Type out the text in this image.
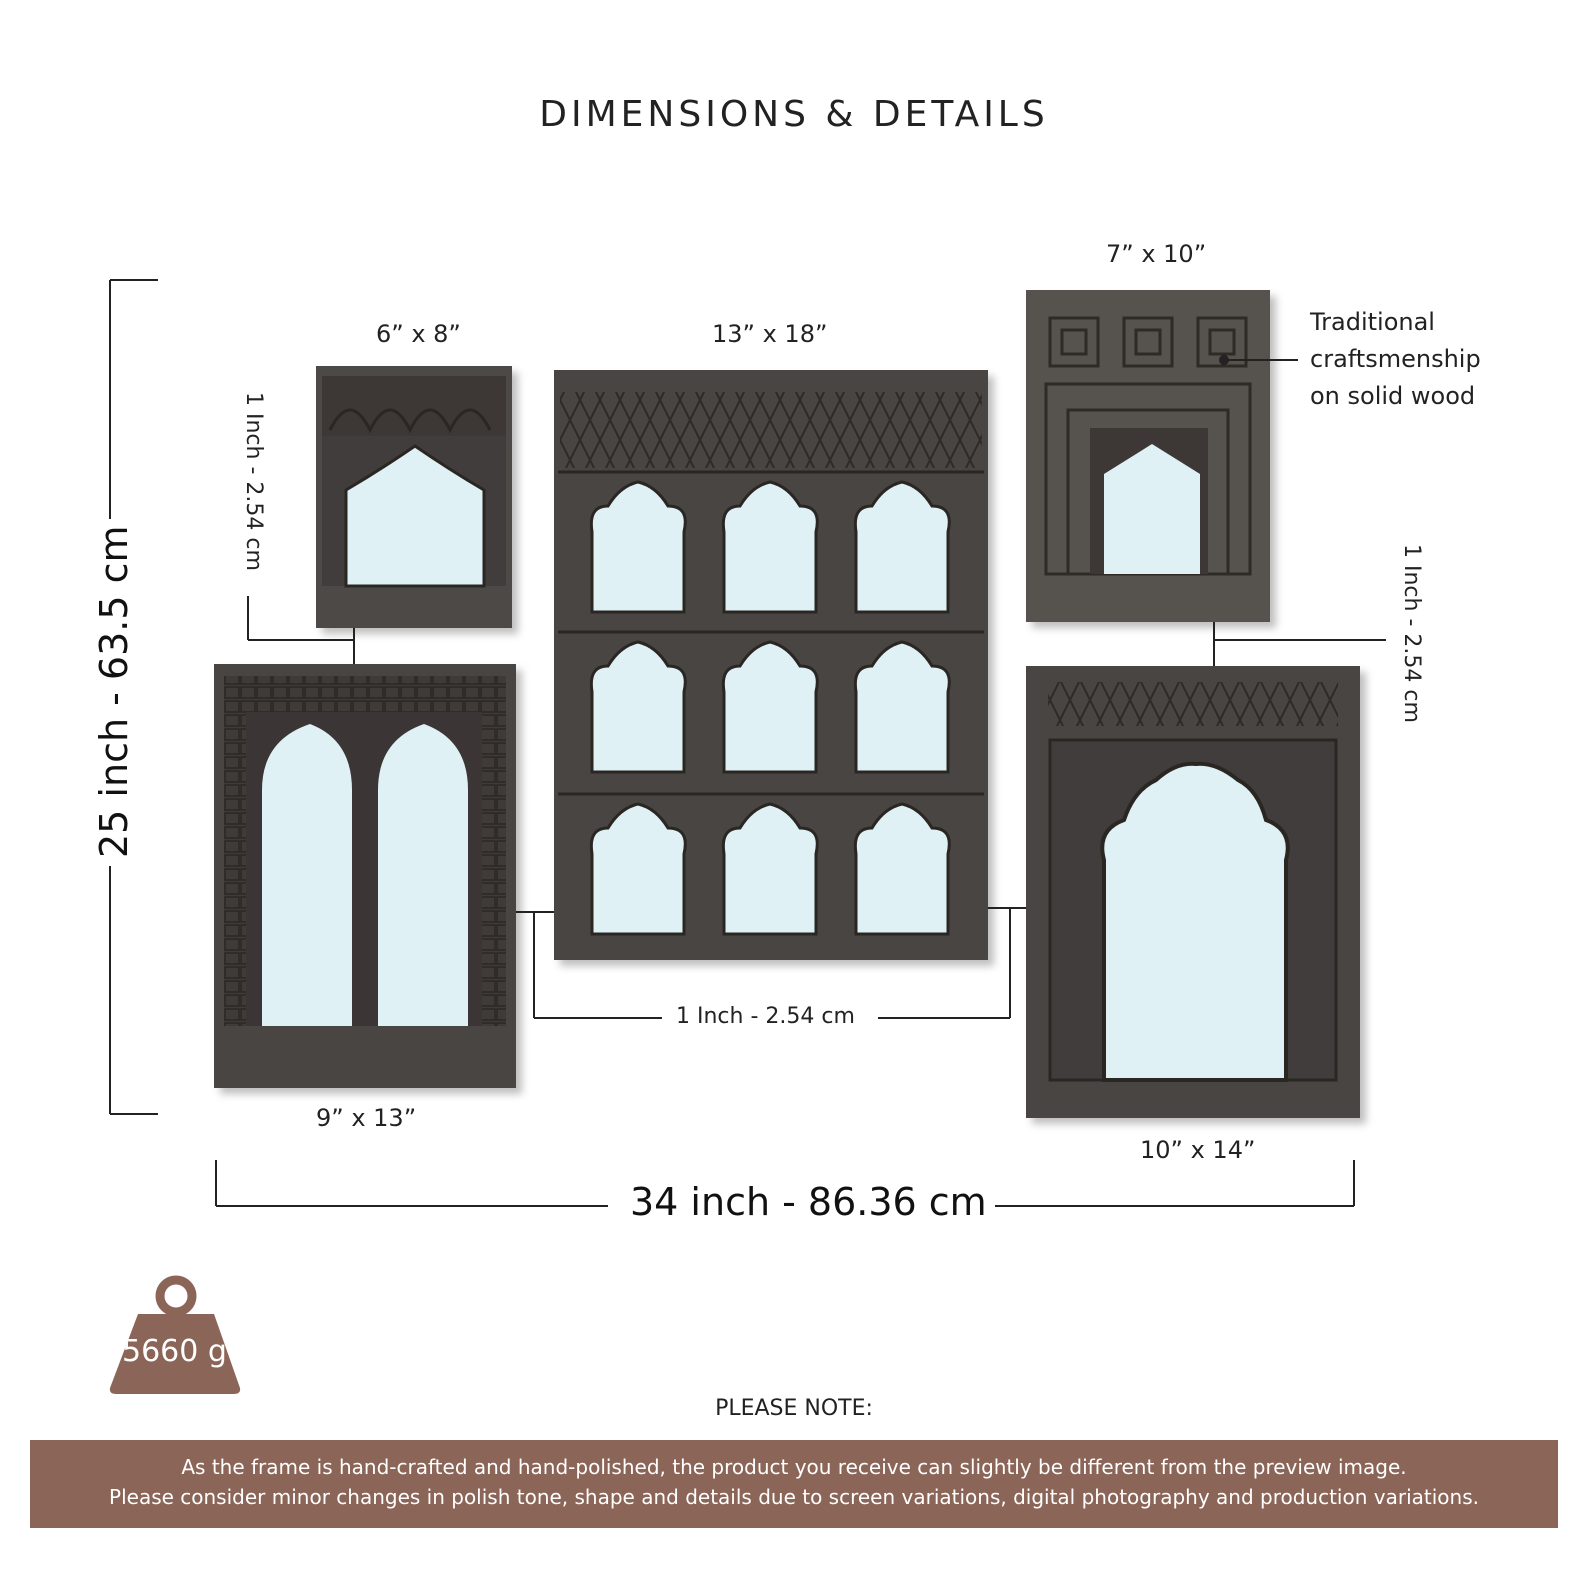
DIMENSIONS & DETAILS
6” x 8”	13” x 18”
7” x 10”
9” x 13”
10” x 14”
Traditional
craftsmenship
on solid wood
25 inch - 63.5 cm
34 inch - 86.36 cm
1 Inch - 2.54 cm
1 Inch - 2.54 cm
1 Inch - 2.54 cm
5660 g
PLEASE NOTE:
As the frame is hand-crafted and hand-polished, the product you receive can slightly be different from the preview image.
Please consider minor changes in polish tone, shape and details due to screen variations, digital photography and production variations.
